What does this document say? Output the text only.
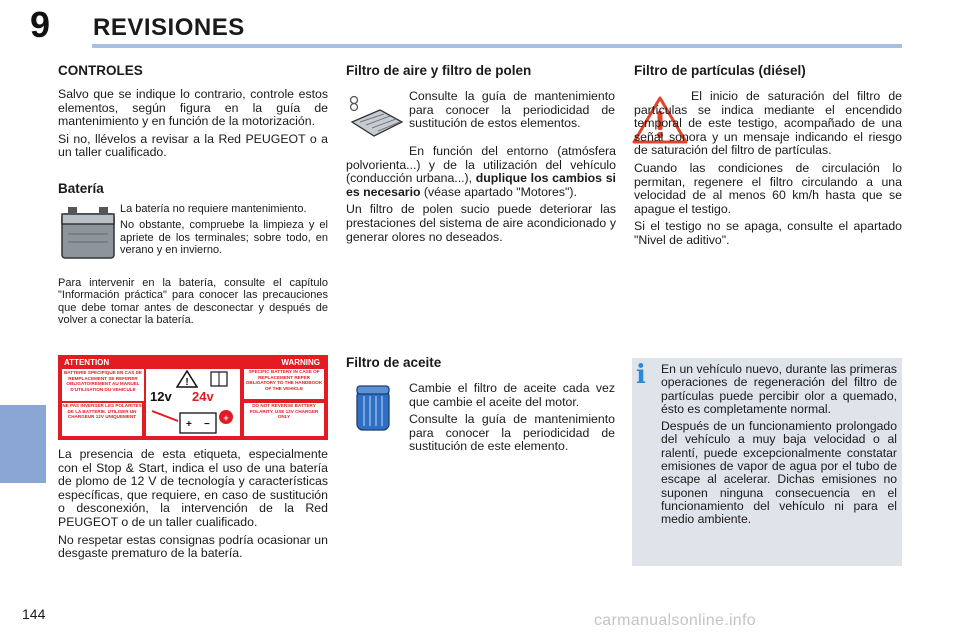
9 REVISIONES
CONTROLES

Salvo que se indique lo contrario, controle estos elementos, según figura en la guía de mantenimiento y en función de la motorización.

Si no, llévelos a revisar a la Red PEUGEOT o a un taller cualificado.

Batería

La batería no requiere mantenimiento.

No obstante, compruebe la limpieza y el apriete de los terminales; sobre todo, en verano y en invierno.

Para intervenir en la batería, consulte el capítulo "Información práctica" para conocer las precauciones que debe tomar antes de desconectar y después de volver a conectar la batería.

ATTENTION	WARNING
BATTERIE SPECIFIQUE EN CAS DE REMPLACEMENT SE REFERER OBLIGATOIREMENT AU MANUEL D'UTILISATION DU VEHICULE
NE PAS INVERSER LES POLARITES DE LA BATTERIE. UTILISER UN CHARGEUR 12V UNIQUEMENT
SPECIFIC BATTERY IN CASE OF REPLACEMENT REFER OBLIGATORY TO THE HANDBOOK OF THE VEHICLE
DO NOT REVERSE BATTERY POLARITY, USE 12V CHARGER ONLY
!
12v 24v
+ −
+

La presencia de esta etiqueta, especialmente con el Stop & Start, indica el uso de una batería de plomo de 12 V de tecnología y características específicas, que requiere, en caso de sustitución o desconexión, la intervención de la Red PEUGEOT o de un taller cualificado.

No respetar estas consignas podría ocasionar un desgaste prematuro de la batería.

Filtro de aire y filtro de polen

Consulte la guía de mantenimiento para conocer la periodicidad de sustitución de estos elementos.

En función del entorno (atmósfera polvorienta...) y de la utilización del vehículo (conducción urbana...), duplique los cambios si es necesario (véase apartado "Motores").

Un filtro de polen sucio puede deteriorar las prestaciones del sistema de aire acondicionado y generar olores no deseados.

Filtro de aceite

Cambie el filtro de aceite cada vez que cambie el aceite del motor.

Consulte la guía de mantenimiento para conocer la periodicidad de sustitución de este elemento.

Filtro de partículas (diésel)

El inicio de saturación del filtro de partículas se indica mediante el encendido temporal de este testigo, acompañado de una señal sonora y un mensaje indicando el riesgo de saturación del filtro de partículas.

Cuando las condiciones de circulación lo permitan, regenere el filtro circulando a una velocidad de al menos 60 km/h hasta que se apague el testigo.

Si el testigo no se apaga, consulte el apartado "Nivel de aditivo".

i En un vehículo nuevo, durante las primeras operaciones de regeneración del filtro de partículas puede percibir olor a quemado, ésto es completamente normal.

Después de un funcionamiento prolongado del vehículo a muy baja velocidad o al ralentí, puede excepcionalmente constatar emisiones de vapor de agua por el tubo de escape al acelerar. Dichas emisiones no suponen ninguna consecuencia en el funcionamiento del vehículo ni para el medio ambiente.

144	carmanualsonline.info
